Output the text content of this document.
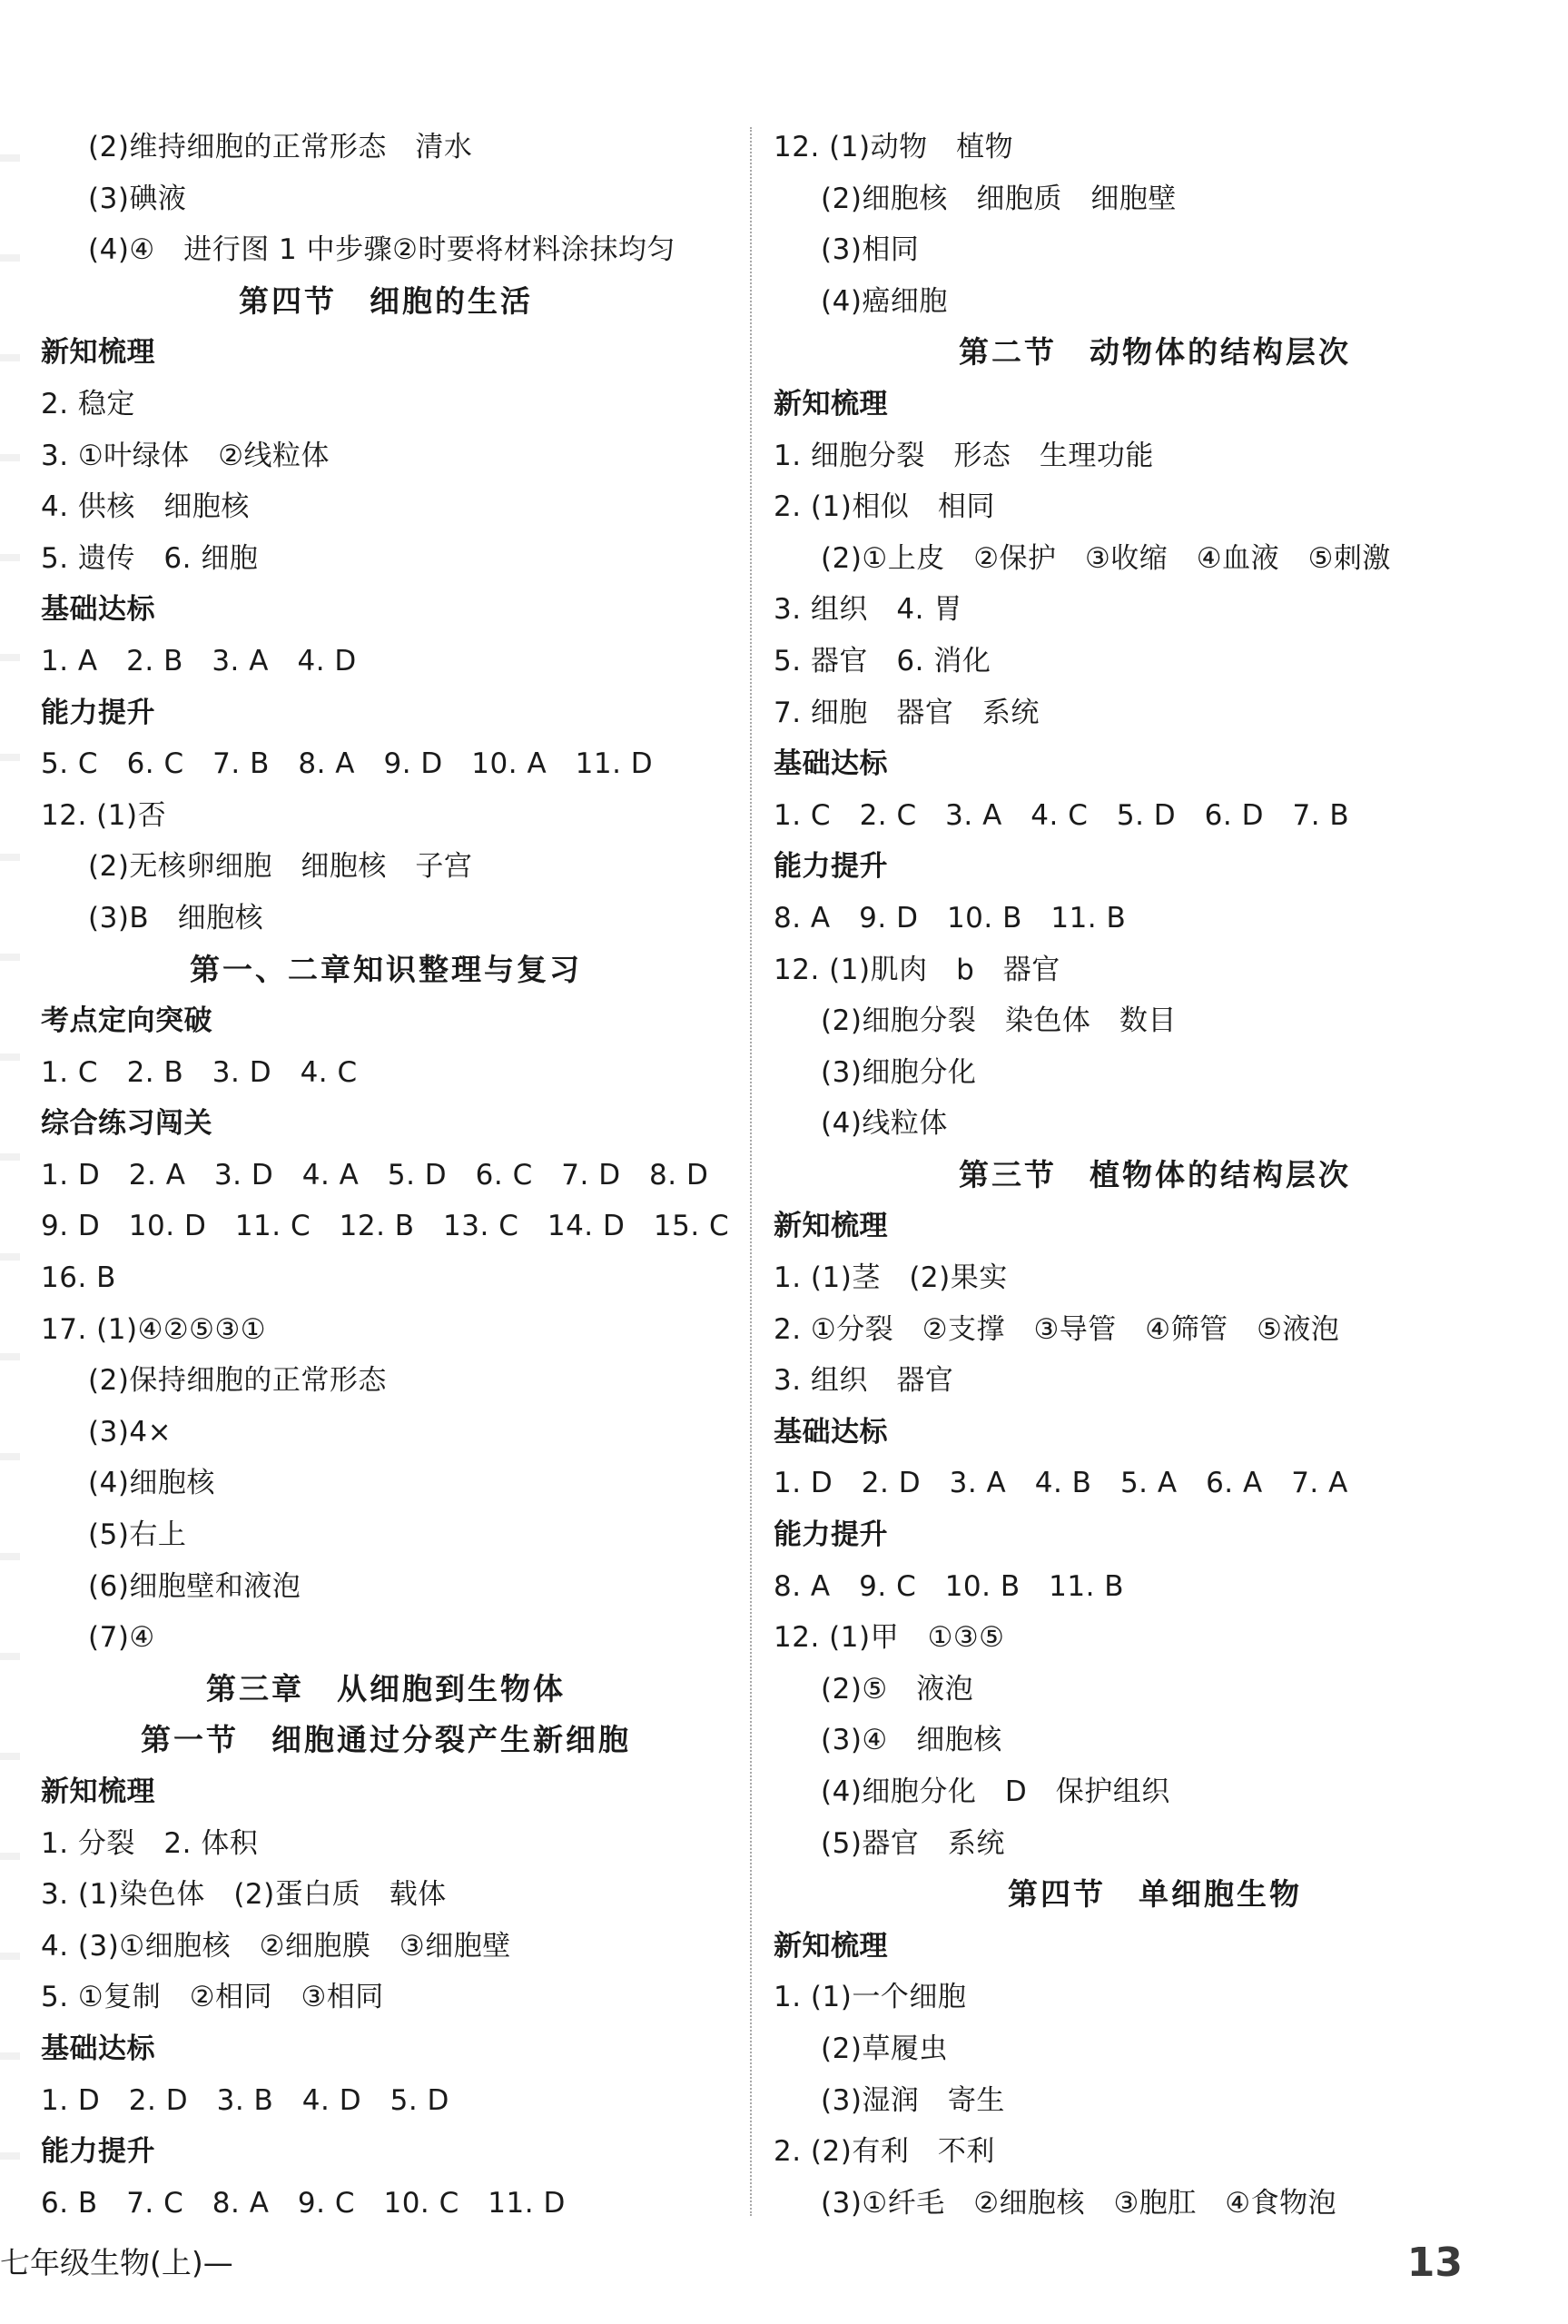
(2)维持细胞的正常形态　清水
(3)碘液
(4)④　进行图 1 中步骤②时要将材料涂抹均匀
第四节　细胞的生活
新知梳理
2. 稳定
3. ①叶绿体　②线粒体
4. 供核　细胞核
5. 遗传　6. 细胞
基础达标
1. A　2. B　3. A　4. D
能力提升
5. C　6. C　7. B　8. A　9. D　10. A　11. D
12. (1)否
(2)无核卵细胞　细胞核　子宫
(3)B　细胞核
第一、二章知识整理与复习
考点定向突破
1. C　2. B　3. D　4. C
综合练习闯关
1. D　2. A　3. D　4. A　5. D　6. C　7. D　8. D
9. D　10. D　11. C　12. B　13. C　14. D　15. C
16. B
17. (1)④②⑤③①
(2)保持细胞的正常形态
(3)4×
(4)细胞核
(5)右上
(6)细胞壁和液泡
(7)④
第三章　从细胞到生物体
第一节　细胞通过分裂产生新细胞
新知梳理
1. 分裂　2. 体积
3. (1)染色体　(2)蛋白质　载体
4. (3)①细胞核　②细胞膜　③细胞壁
5. ①复制　②相同　③相同
基础达标
1. D　2. D　3. B　4. D　5. D
能力提升
6. B　7. C　8. A　9. C　10. C　11. D
12. (1)动物　植物
(2)细胞核　细胞质　细胞壁
(3)相同
(4)癌细胞
第二节　动物体的结构层次
新知梳理
1. 细胞分裂　形态　生理功能
2. (1)相似　相同
(2)①上皮　②保护　③收缩　④血液　⑤刺激
3. 组织　4. 胃
5. 器官　6. 消化
7. 细胞　器官　系统
基础达标
1. C　2. C　3. A　4. C　5. D　6. D　7. B
能力提升
8. A　9. D　10. B　11. B
12. (1)肌肉　b　器官
(2)细胞分裂　染色体　数目
(3)细胞分化
(4)线粒体
第三节　植物体的结构层次
新知梳理
1. (1)茎　(2)果实
2. ①分裂　②支撑　③导管　④筛管　⑤液泡
3. 组织　器官
基础达标
1. D　2. D　3. A　4. B　5. A　6. A　7. A
能力提升
8. A　9. C　10. B　11. B
12. (1)甲　①③⑤
(2)⑤　液泡
(3)④　细胞核
(4)细胞分化　D　保护组织
(5)器官　系统
第四节　单细胞生物
新知梳理
1. (1)一个细胞
(2)草履虫
(3)湿润　寄生
2. (2)有利　不利
(3)①纤毛　②细胞核　③胞肛　④食物泡
七年级生物(上)—	13
